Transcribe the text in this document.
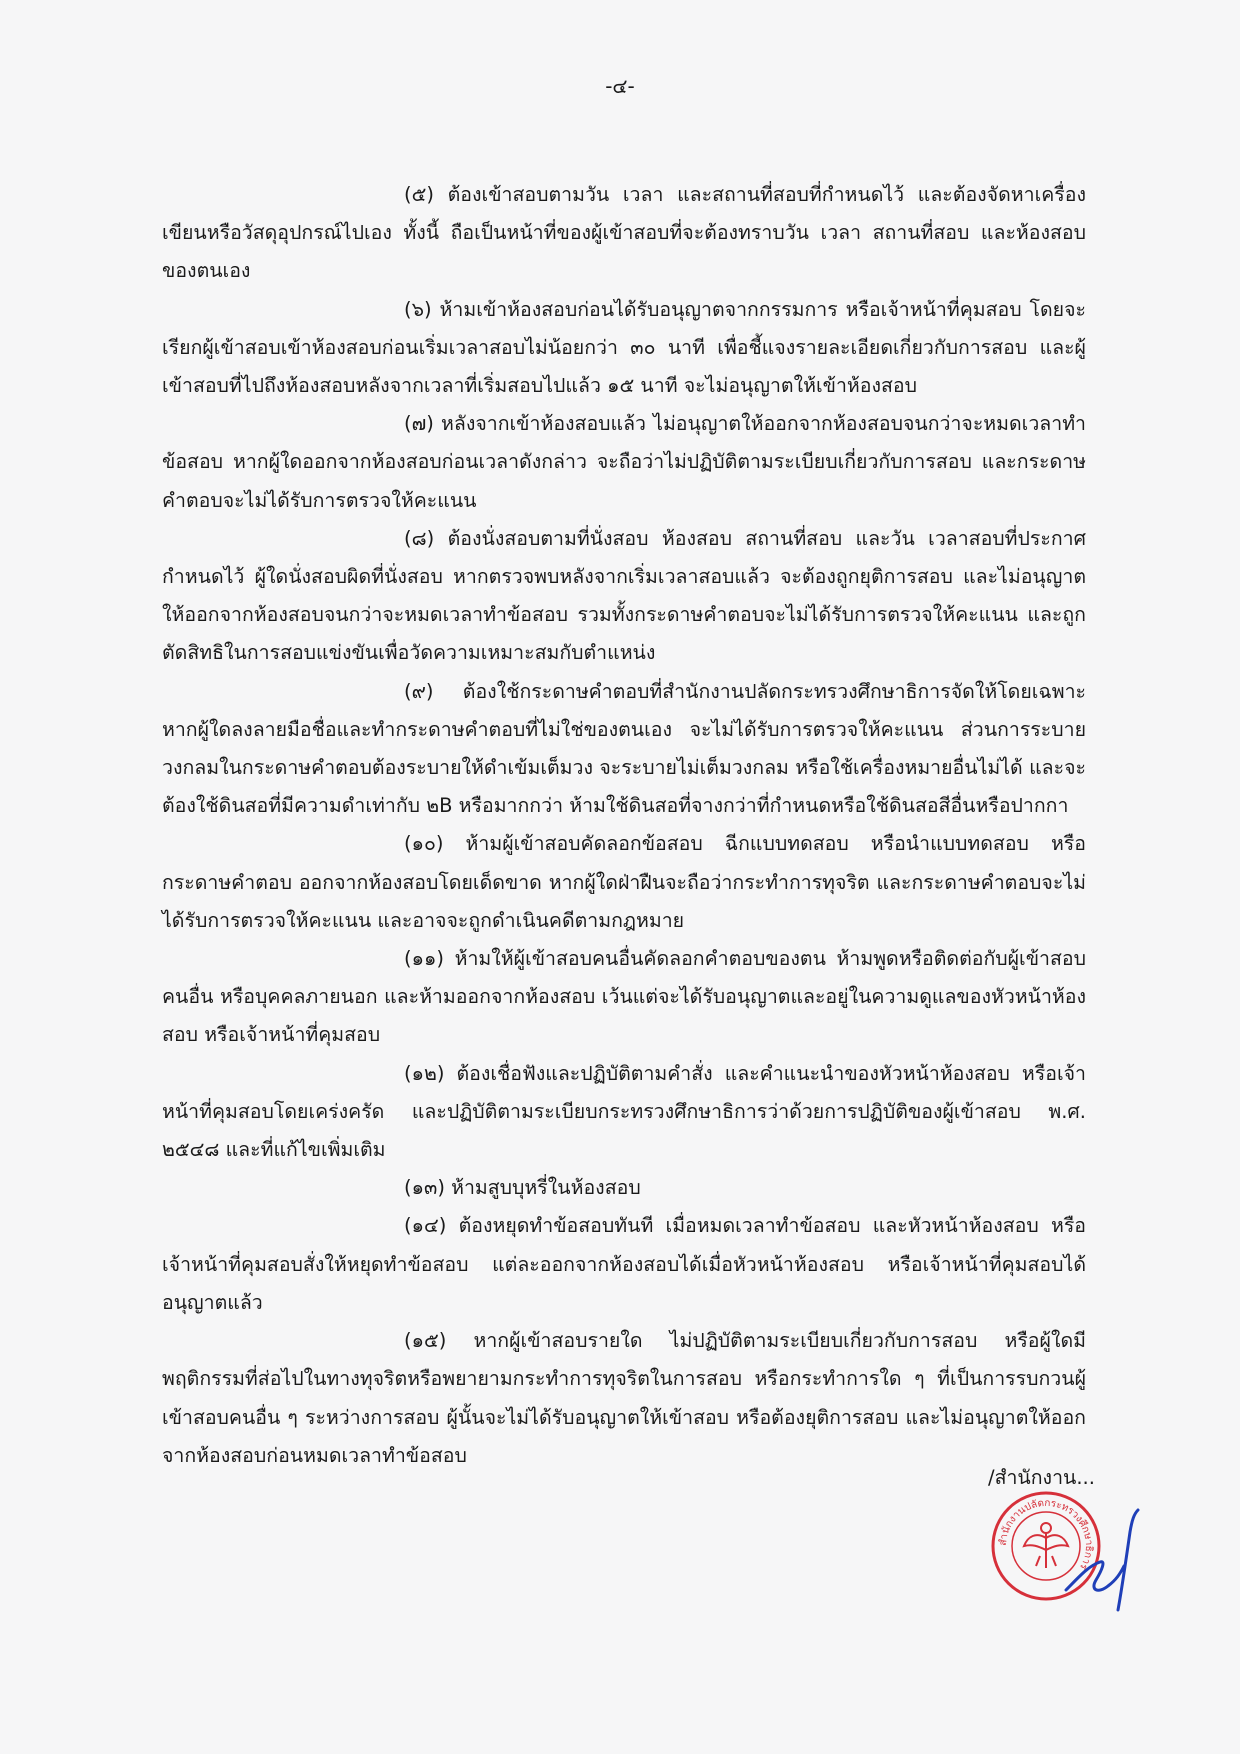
-๔-

(๕) ต้องเข้าสอบตามวัน เวลา และสถานที่สอบที่กำหนดไว้ และต้องจัดหาเครื่องเขียนหรือวัสดุอุปกรณ์ไปเอง ทั้งนี้ ถือเป็นหน้าที่ของผู้เข้าสอบที่จะต้องทราบวัน เวลา สถานที่สอบ และห้องสอบของตนเอง

(๖) ห้ามเข้าห้องสอบก่อนได้รับอนุญาตจากกรรมการ หรือเจ้าหน้าที่คุมสอบ โดยจะเรียกผู้เข้าสอบเข้าห้องสอบก่อนเริ่มเวลาสอบไม่น้อยกว่า ๓๐ นาที เพื่อชี้แจงรายละเอียดเกี่ยวกับการสอบ และผู้เข้าสอบที่ไปถึงห้องสอบหลังจากเวลาที่เริ่มสอบไปแล้ว ๑๕ นาที จะไม่อนุญาตให้เข้าห้องสอบ

(๗) หลังจากเข้าห้องสอบแล้ว ไม่อนุญาตให้ออกจากห้องสอบจนกว่าจะหมดเวลาทำข้อสอบ หากผู้ใดออกจากห้องสอบก่อนเวลาดังกล่าว จะถือว่าไม่ปฏิบัติตามระเบียบเกี่ยวกับการสอบ และกระดาษคำตอบจะไม่ได้รับการตรวจให้คะแนน

(๘) ต้องนั่งสอบตามที่นั่งสอบ ห้องสอบ สถานที่สอบ และวัน เวลาสอบที่ประกาศกำหนดไว้ ผู้ใดนั่งสอบผิดที่นั่งสอบ หากตรวจพบหลังจากเริ่มเวลาสอบแล้ว จะต้องถูกยุติการสอบ และไม่อนุญาตให้ออกจากห้องสอบจนกว่าจะหมดเวลาทำข้อสอบ รวมทั้งกระดาษคำตอบจะไม่ได้รับการตรวจให้คะแนน และถูกตัดสิทธิในการสอบแข่งขันเพื่อวัดความเหมาะสมกับตำแหน่ง

(๙) ต้องใช้กระดาษคำตอบที่สำนักงานปลัดกระทรวงศึกษาธิการจัดให้โดยเฉพาะ หากผู้ใดลงลายมือชื่อและทำกระดาษคำตอบที่ไม่ใช่ของตนเอง จะไม่ได้รับการตรวจให้คะแนน ส่วนการระบายวงกลมในกระดาษคำตอบต้องระบายให้ดำเข้มเต็มวง จะระบายไม่เต็มวงกลม หรือใช้เครื่องหมายอื่นไม่ได้ และจะต้องใช้ดินสอที่มีความดำเท่ากับ ๒B หรือมากกว่า ห้ามใช้ดินสอที่จางกว่าที่กำหนดหรือใช้ดินสอสีอื่นหรือปากกา

(๑๐) ห้ามผู้เข้าสอบคัดลอกข้อสอบ ฉีกแบบทดสอบ หรือนำแบบทดสอบ หรือกระดาษคำตอบ ออกจากห้องสอบโดยเด็ดขาด หากผู้ใดฝ่าฝืนจะถือว่ากระทำการทุจริต และกระดาษคำตอบจะไม่ได้รับการตรวจให้คะแนน และอาจจะถูกดำเนินคดีตามกฎหมาย

(๑๑) ห้ามให้ผู้เข้าสอบคนอื่นคัดลอกคำตอบของตน ห้ามพูดหรือติดต่อกับผู้เข้าสอบคนอื่น หรือบุคคลภายนอก และห้ามออกจากห้องสอบ เว้นแต่จะได้รับอนุญาตและอยู่ในความดูแลของหัวหน้าห้องสอบ หรือเจ้าหน้าที่คุมสอบ

(๑๒) ต้องเชื่อฟังและปฏิบัติตามคำสั่ง และคำแนะนำของหัวหน้าห้องสอบ หรือเจ้าหน้าที่คุมสอบโดยเคร่งครัด และปฏิบัติตามระเบียบกระทรวงศึกษาธิการว่าด้วยการปฏิบัติของผู้เข้าสอบ พ.ศ. ๒๕๔๘ และที่แก้ไขเพิ่มเติม

(๑๓) ห้ามสูบบุหรี่ในห้องสอบ

(๑๔) ต้องหยุดทำข้อสอบทันที เมื่อหมดเวลาทำข้อสอบ และหัวหน้าห้องสอบ หรือเจ้าหน้าที่คุมสอบสั่งให้หยุดทำข้อสอบ แต่ละออกจากห้องสอบได้เมื่อหัวหน้าห้องสอบ หรือเจ้าหน้าที่คุมสอบได้อนุญาตแล้ว

(๑๕) หากผู้เข้าสอบรายใด ไม่ปฏิบัติตามระเบียบเกี่ยวกับการสอบ หรือผู้ใดมีพฤติกรรมที่ส่อไปในทางทุจริตหรือพยายามกระทำการทุจริตในการสอบ หรือกระทำการใด ๆ ที่เป็นการรบกวนผู้เข้าสอบคนอื่น ๆ ระหว่างการสอบ ผู้นั้นจะไม่ได้รับอนุญาตให้เข้าสอบ หรือต้องยุติการสอบ และไม่อนุญาตให้ออกจากห้องสอบก่อนหมดเวลาทำข้อสอบ

/สำนักงาน...
สำนักงานปลัดกระทรวงศึกษาธิการ
